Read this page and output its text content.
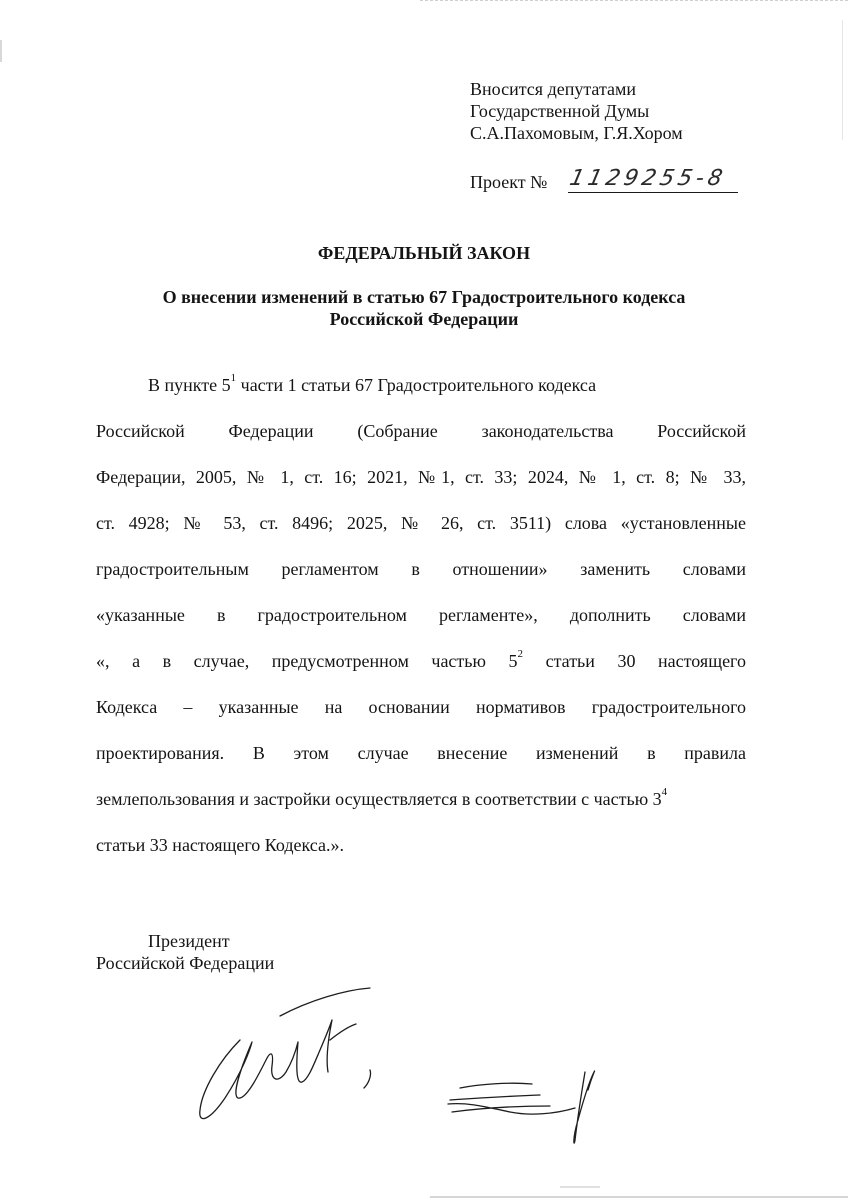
Вносится депутатами
Государственной Думы
С.А.Пахомовым, Г.Я.Хором
Проект № 1129255-8
ФЕДЕРАЛЬНЫЙ ЗАКОН
О внесении изменений в статью 67 Градостроительного кодекса
Российской Федерации
В пункте $5^1$ части 1 статьи 67 Градостроительного кодекса
Российской Федерации (Собрание законодательства Российской
Федерации, 2005, № 1, ст. 16; 2021, №1, ст. 33; 2024, № 1, ст. 8; № 33,
ст. 4928; № 53, ст. 8496; 2025, № 26, ст. 3511) слова «установленные
градостроительным регламентом в отношении» заменить словами
«указанные в градостроительном регламенте», дополнить словами
«, а в случае, предусмотренном частью $5^2$ статьи 30 настоящего
Кодекса – указанные на основании нормативов градостроительного
проектирования. В этом случае внесение изменений в правила
землепользования и застройки осуществляется в соответствии с частью $3^4$
статьи 33 настоящего Кодекса.».
Президент
Российской Федерации
